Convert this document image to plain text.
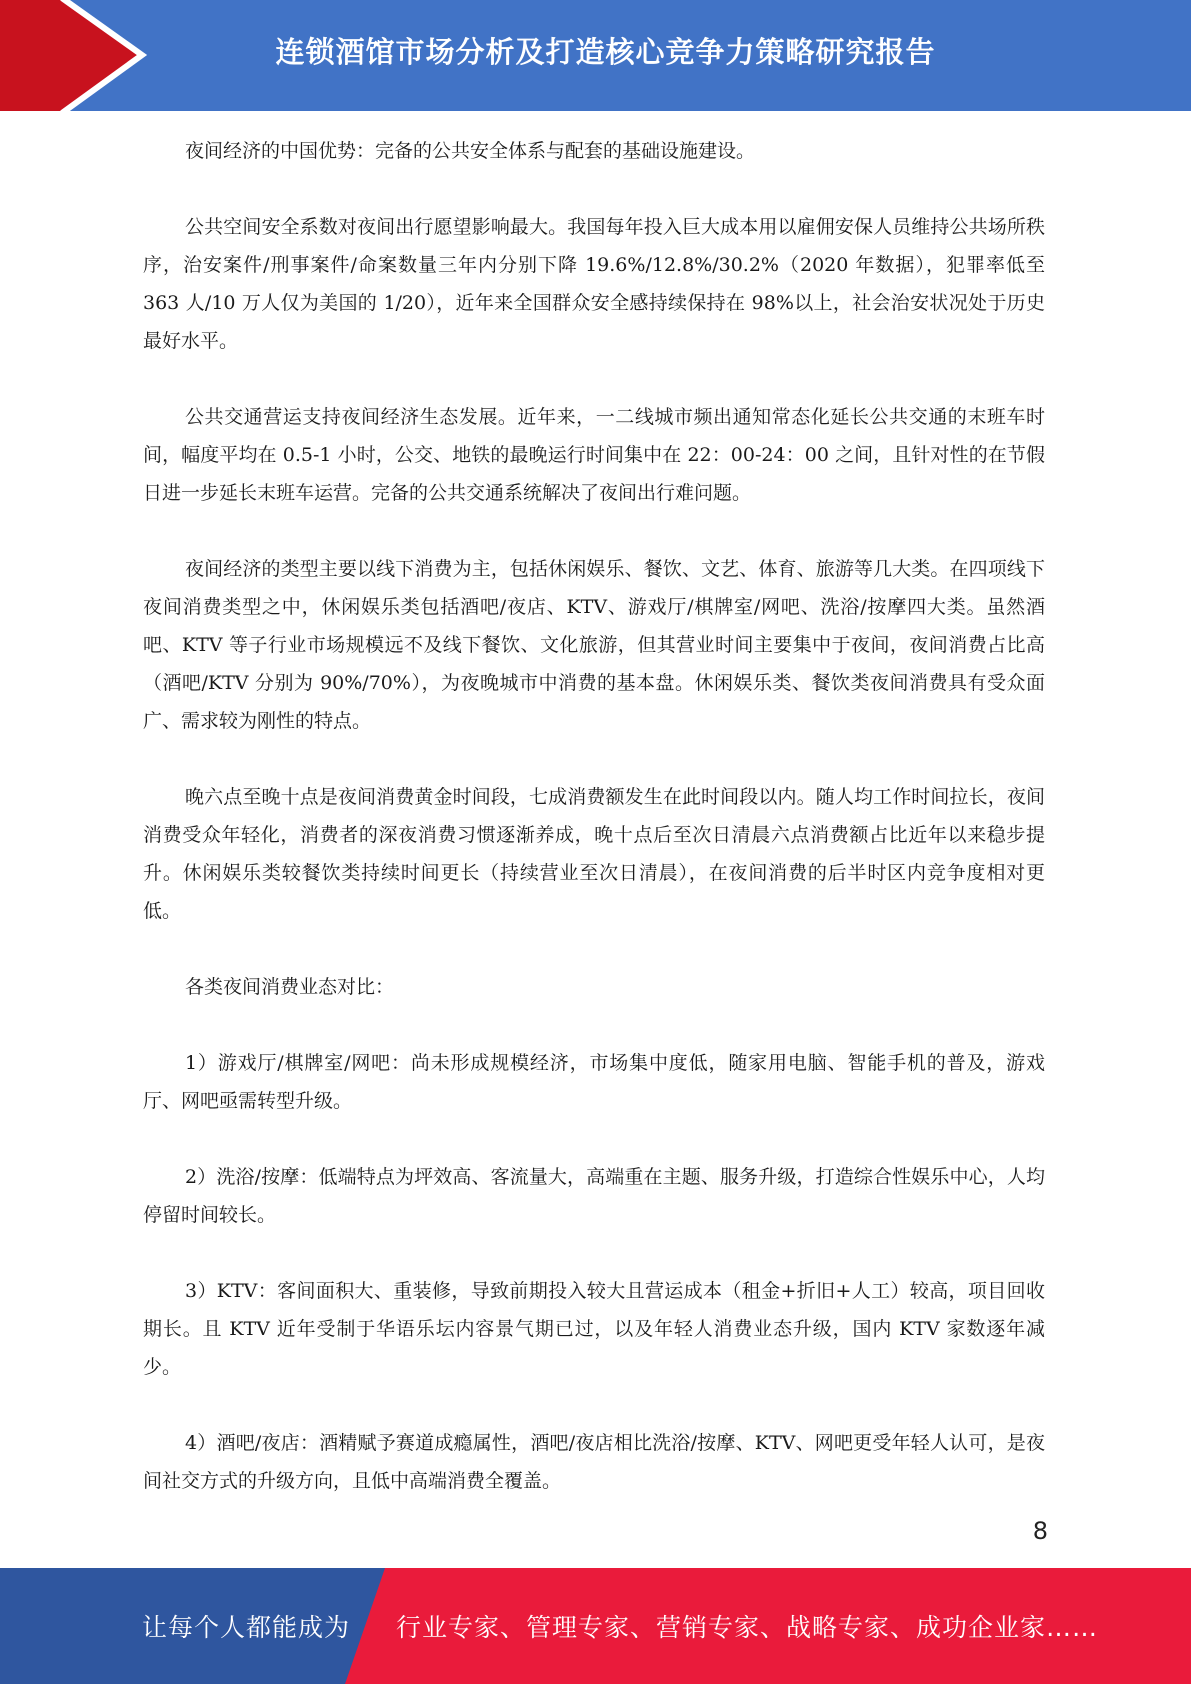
连锁酒馆市场分析及打造核心竞争力策略研究报告

夜间经济的中国优势：完备的公共安全体系与配套的基础设施建设。

公共空间安全系数对夜间出行愿望影响最大。我国每年投入巨大成本用以雇佣安保人员维持公共场所秩序，治安案件/刑事案件/命案数量三年内分别下降 19.6%/12.8%/30.2%（2020 年数据），犯罪率低至 363 人/10 万人仅为美国的 1/20），近年来全国群众安全感持续保持在 98%以上，社会治安状况处于历史最好水平。

公共交通营运支持夜间经济生态发展。近年来，一二线城市频出通知常态化延长公共交通的末班车时间，幅度平均在 0.5-1 小时，公交、地铁的最晚运行时间集中在 22：00-24：00 之间，且针对性的在节假日进一步延长末班车运营。完备的公共交通系统解决了夜间出行难问题。

夜间经济的类型主要以线下消费为主，包括休闲娱乐、餐饮、文艺、体育、旅游等几大类。在四项线下夜间消费类型之中，休闲娱乐类包括酒吧/夜店、KTV、游戏厅/棋牌室/网吧、洗浴/按摩四大类。虽然酒吧、KTV 等子行业市场规模远不及线下餐饮、文化旅游，但其营业时间主要集中于夜间，夜间消费占比高（酒吧/KTV 分别为 90%/70%），为夜晚城市中消费的基本盘。休闲娱乐类、餐饮类夜间消费具有受众面广、需求较为刚性的特点。

晚六点至晚十点是夜间消费黄金时间段，七成消费额发生在此时间段以内。随人均工作时间拉长，夜间消费受众年轻化，消费者的深夜消费习惯逐渐养成，晚十点后至次日清晨六点消费额占比近年以来稳步提升。休闲娱乐类较餐饮类持续时间更长（持续营业至次日清晨），在夜间消费的后半时区内竞争度相对更低。

各类夜间消费业态对比：

1）游戏厅/棋牌室/网吧：尚未形成规模经济，市场集中度低，随家用电脑、智能手机的普及，游戏厅、网吧亟需转型升级。

2）洗浴/按摩：低端特点为坪效高、客流量大，高端重在主题、服务升级，打造综合性娱乐中心，人均停留时间较长。

3）KTV：客间面积大、重装修，导致前期投入较大且营运成本（租金+折旧+人工）较高，项目回收期长。且 KTV 近年受制于华语乐坛内容景气期已过，以及年轻人消费业态升级，国内 KTV 家数逐年减少。

4）酒吧/夜店：酒精赋予赛道成瘾属性，酒吧/夜店相比洗浴/按摩、KTV、网吧更受年轻人认可，是夜间社交方式的升级方向，且低中高端消费全覆盖。

8
让每个人都能成为 行业专家、管理专家、营销专家、战略专家、成功企业家……
